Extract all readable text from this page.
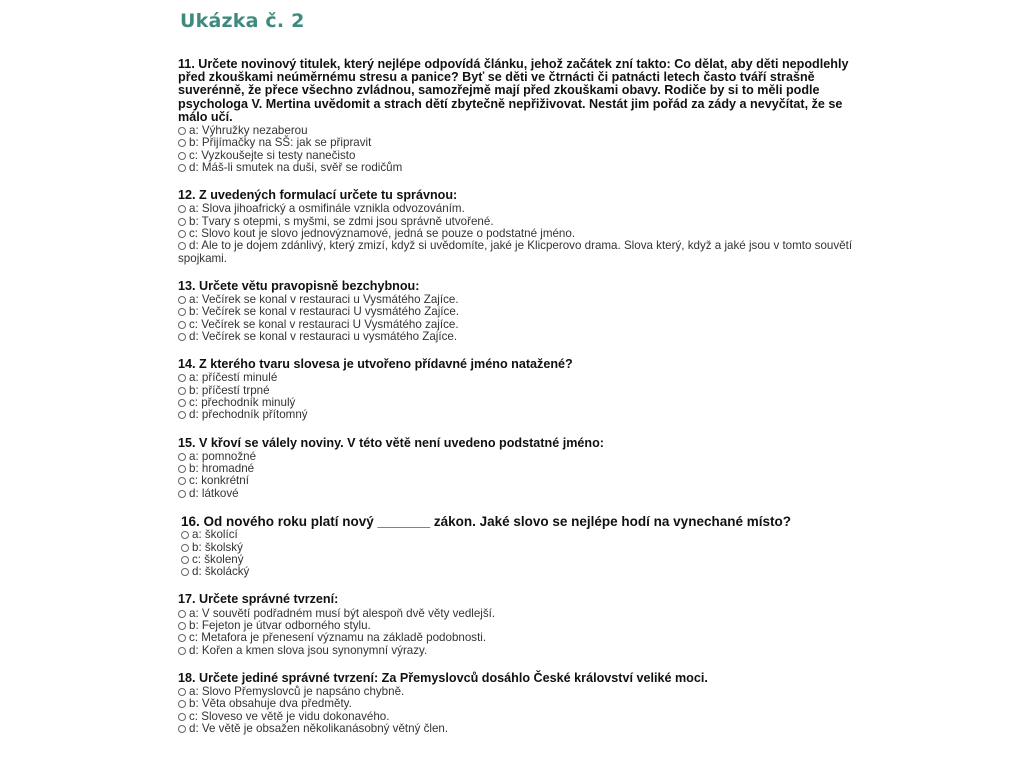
Ukázka č. 2
11. Určete novinový titulek, který nejlépe odpovídá článku, jehož začátek zní takto: Co dělat, aby děti nepodlehly před zkouškami neúměrnému stresu a panice? Byť se děti ve čtrnácti či patnácti letech často tváří strašně suverénně, že přece všechno zvládnou, samozřejmě mají před zkouškami obavy. Rodiče by si to měli podle psychologa V. Mertina uvědomit a strach dětí zbytečně nepřiživovat. Nestát jim pořád za zády a nevyčítat, že se málo učí.
a: Výhružky nezaberou
b: Přijímačky na SŠ: jak se připravit
c: Vyzkoušejte si testy nanečisto
d: Máš-li smutek na duši, svěř se rodičům
12. Z uvedených formulací určete tu správnou:
a: Slova jihoafrický a osmifinále vznikla odvozováním.
b: Tvary s otepmi, s myšmi, se zdmi jsou správně utvořené.
c: Slovo kout je slovo jednovýznamové, jedná se pouze o podstatné jméno.
d: Ale to je dojem zdánlivý, který zmizí, když si uvědomíte, jaké je Klicperovo drama. Slova který, když a jaké jsou v tomto souvětí spojkami.
13. Určete větu pravopisně bezchybnou:
a: Večírek se konal v restauraci u Vysmátého Zajíce.
b: Večírek se konal v restauraci U vysmátého Zajíce.
c: Večírek se konal v restauraci U Vysmátého zajíce.
d: Večírek se konal v restauraci u vysmátého Zajíce.
14. Z kterého tvaru slovesa je utvořeno přídavné jméno natažené?
a: příčestí minulé
b: příčestí trpné
c: přechodník minulý
d: přechodník přítomný
15. V křoví se válely noviny. V této větě není uvedeno podstatné jméno:
a: pomnožné
b: hromadné
c: konkrétní
d: látkové
16. Od nového roku platí nový _______ zákon. Jaké slovo se nejlépe hodí na vynechané místo?
a: školící
b: školský
c: školený
d: školácký
17. Určete správné tvrzení:
a: V souvětí podřadném musí být alespoň dvě věty vedlejší.
b: Fejeton je útvar odborného stylu.
c: Metafora je přenesení významu na základě podobnosti.
d: Kořen a kmen slova jsou synonymní výrazy.
18. Určete jediné správné tvrzení: Za Přemyslovců dosáhlo České království veliké moci.
a: Slovo Přemyslovců je napsáno chybně.
b: Věta obsahuje dva předměty.
c: Sloveso ve větě je vidu dokonavého.
d: Ve větě je obsažen několikanásobný větný člen.
